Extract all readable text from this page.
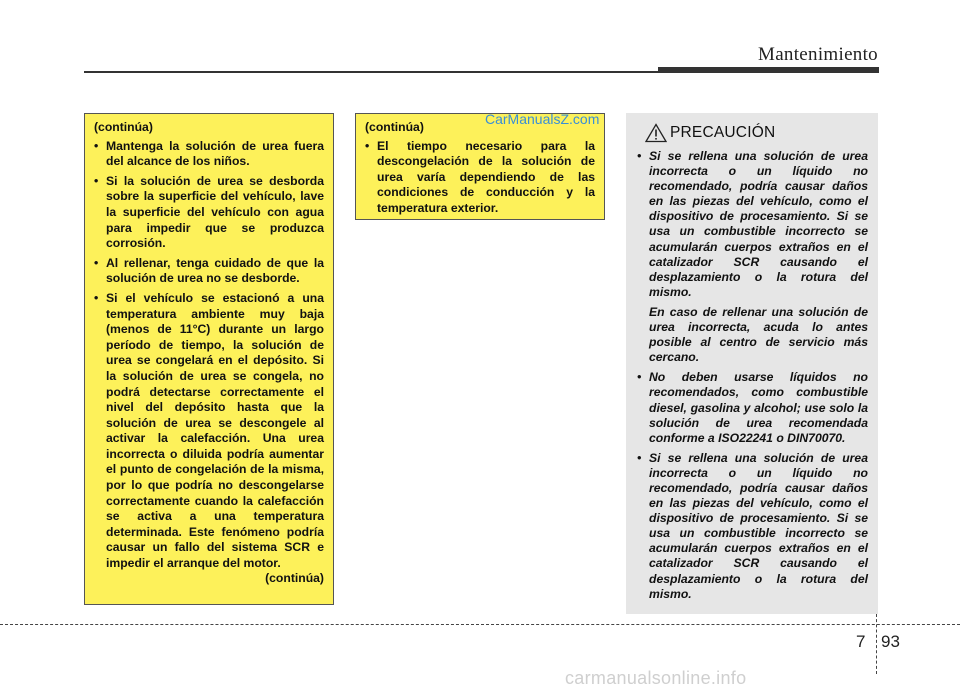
Mantenimiento
(continúa)
• Mantenga la solución de urea fuera del alcance de los niños.
• Si la solución de urea se desborda sobre la superficie del vehículo, lave la superficie del vehículo con agua para impedir que se produzca corrosión.
• Al rellenar, tenga cuidado de que la solución de urea no se desborde.
• Si el vehículo se estacionó a una temperatura ambiente muy baja (menos de 11°C) durante un largo período de tiempo, la solución de urea se congelará en el depósito. Si la solución de urea se congela, no podrá detectarse correctamente el nivel del depósito hasta que la solución de urea se descongele al activar la calefacción. Una urea incorrecta o diluida podría aumentar el punto de congelación de la misma, por lo que podría no descongelarse correctamente cuando la calefacción se activa a una temperatura determinada. Este fenómeno podría causar un fallo del sistema SCR e impedir el arranque del motor.
(continúa)
(continúa)
• El tiempo necesario para la descongelación de la solución de urea varía dependiendo de las condiciones de conducción y la temperatura exterior.
CarManualsZ.com
PRECAUCIÓN
• Si se rellena una solución de urea incorrecta o un líquido no recomendado, podría causar daños en las piezas del vehículo, como el dispositivo de procesamiento. Si se usa un combustible incorrecto se acumularán cuerpos extraños en el catalizador SCR causando el desplazamiento o la rotura del mismo.
En caso de rellenar una solución de urea incorrecta, acuda lo antes posible al centro de servicio más cercano.
• No deben usarse líquidos no recomendados, como combustible diesel, gasolina y alcohol; use solo la solución de urea recomendada conforme a ISO22241 o DIN70070.
• Si se rellena una solución de urea incorrecta o un líquido no recomendado, podría causar daños en las piezas del vehículo, como el dispositivo de procesamiento. Si se usa un combustible incorrecto se acumularán cuerpos extraños en el catalizador SCR causando el desplazamiento o la rotura del mismo.
7 93
carmanualsonline.info
